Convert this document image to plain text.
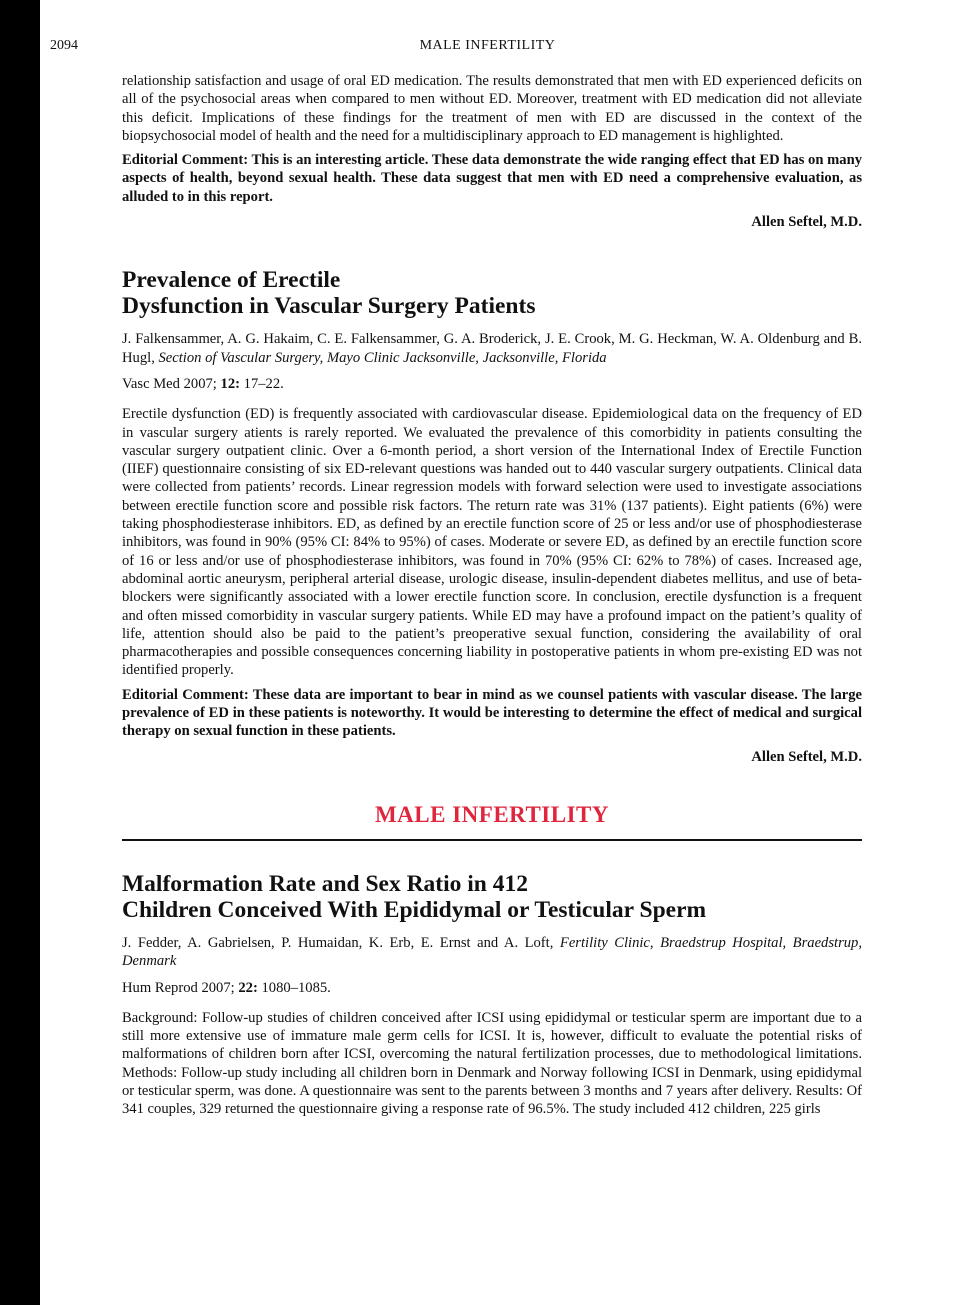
2094	MALE INFERTILITY

relationship satisfaction and usage of oral ED medication. The results demonstrated that men with ED experienced deficits on all of the psychosocial areas when compared to men without ED. Moreover, treatment with ED medication did not alleviate this deficit. Implications of these findings for the treatment of men with ED are discussed in the context of the biopsychosocial model of health and the need for a multidisciplinary approach to ED management is highlighted.

Editorial Comment: This is an interesting article. These data demonstrate the wide ranging effect that ED has on many aspects of health, beyond sexual health. These data suggest that men with ED need a comprehensive evaluation, as alluded to in this report.

Allen Seftel, M.D.

Prevalence of Erectile
Dysfunction in Vascular Surgery Patients

J. Falkensammer, A. G. Hakaim, C. E. Falkensammer, G. A. Broderick, J. E. Crook, M. G. Heckman, W. A. Oldenburg and B. Hugl, Section of Vascular Surgery, Mayo Clinic Jacksonville, Jacksonville, Florida

Vasc Med 2007; 12: 17–22.

Erectile dysfunction (ED) is frequently associated with cardiovascular disease. Epidemiological data on the frequency of ED in vascular surgery atients is rarely reported. We evaluated the prevalence of this comorbidity in patients consulting the vascular surgery outpatient clinic. Over a 6-month period, a short version of the International Index of Erectile Function (IIEF) questionnaire consisting of six ED-relevant questions was handed out to 440 vascular surgery outpatients. Clinical data were collected from patients’ records. Linear regression models with forward selection were used to investigate associations between erectile function score and possible risk factors. The return rate was 31% (137 patients). Eight patients (6%) were taking phosphodiesterase inhibitors. ED, as defined by an erectile function score of 25 or less and/or use of phosphodiesterase inhibitors, was found in 90% (95% CI: 84% to 95%) of cases. Moderate or severe ED, as defined by an erectile function score of 16 or less and/or use of phosphodiesterase inhibitors, was found in 70% (95% CI: 62% to 78%) of cases. Increased age, abdominal aortic aneurysm, peripheral arterial disease, urologic disease, insulin-dependent diabetes mellitus, and use of beta-blockers were significantly associated with a lower erectile function score. In conclusion, erectile dysfunction is a frequent and often missed comorbidity in vascular surgery patients. While ED may have a profound impact on the patient’s quality of life, attention should also be paid to the patient’s preoperative sexual function, considering the availability of oral pharmacotherapies and possible consequences concerning liability in postoperative patients in whom pre-existing ED was not identified properly.

Editorial Comment: These data are important to bear in mind as we counsel patients with vascular disease. The large prevalence of ED in these patients is noteworthy. It would be interesting to determine the effect of medical and surgical therapy on sexual function in these patients.

Allen Seftel, M.D.

MALE INFERTILITY
Malformation Rate and Sex Ratio in 412
Children Conceived With Epididymal or Testicular Sperm

J. Fedder, A. Gabrielsen, P. Humaidan, K. Erb, E. Ernst and A. Loft, Fertility Clinic, Braedstrup Hospital, Braedstrup, Denmark

Hum Reprod 2007; 22: 1080–1085.

Background: Follow-up studies of children conceived after ICSI using epididymal or testicular sperm are important due to a still more extensive use of immature male germ cells for ICSI. It is, however, difficult to evaluate the potential risks of malformations of children born after ICSI, overcoming the natural fertilization processes, due to methodological limitations. Methods: Follow-up study including all children born in Denmark and Norway following ICSI in Denmark, using epididymal or testicular sperm, was done. A questionnaire was sent to the parents between 3 months and 7 years after delivery. Results: Of 341 couples, 329 returned the questionnaire giving a response rate of 96.5%. The study included 412 children, 225 girls
